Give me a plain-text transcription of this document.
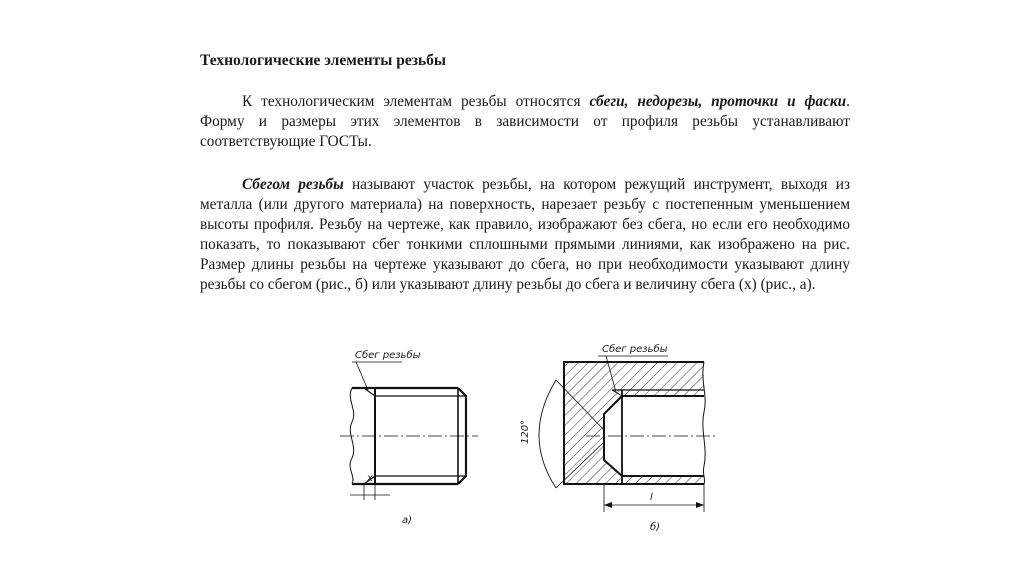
Технологические элементы резьбы
К технологическим элементам резьбы относятся сбеги, недорезы, проточки и фаски. Форму и размеры этих элементов в зависимости от профиля резьбы устанавливают соответствующие ГОСТы.
Сбегом резьбы называют участок резьбы, на котором режущий инструмент, выходя из металла (или другого материала) на поверхность, нарезает резьбу с постепенным уменьшением высоты профиля. Резьбу на чертеже, как правило, изображают без сбега, но если его необходимо показать, то показывают сбег тонкими сплошными прямыми линиями, как изображено на рис. Размер длины резьбы на чертеже указывают до сбега, но при необходимости указывают длину резьбы со сбегом (рис., б) или указывают длину резьбы до сбега и величину сбега (х) (рис., а).
Сбег резьбы
x
а)
Сбег резьбы
120°
l
б)
